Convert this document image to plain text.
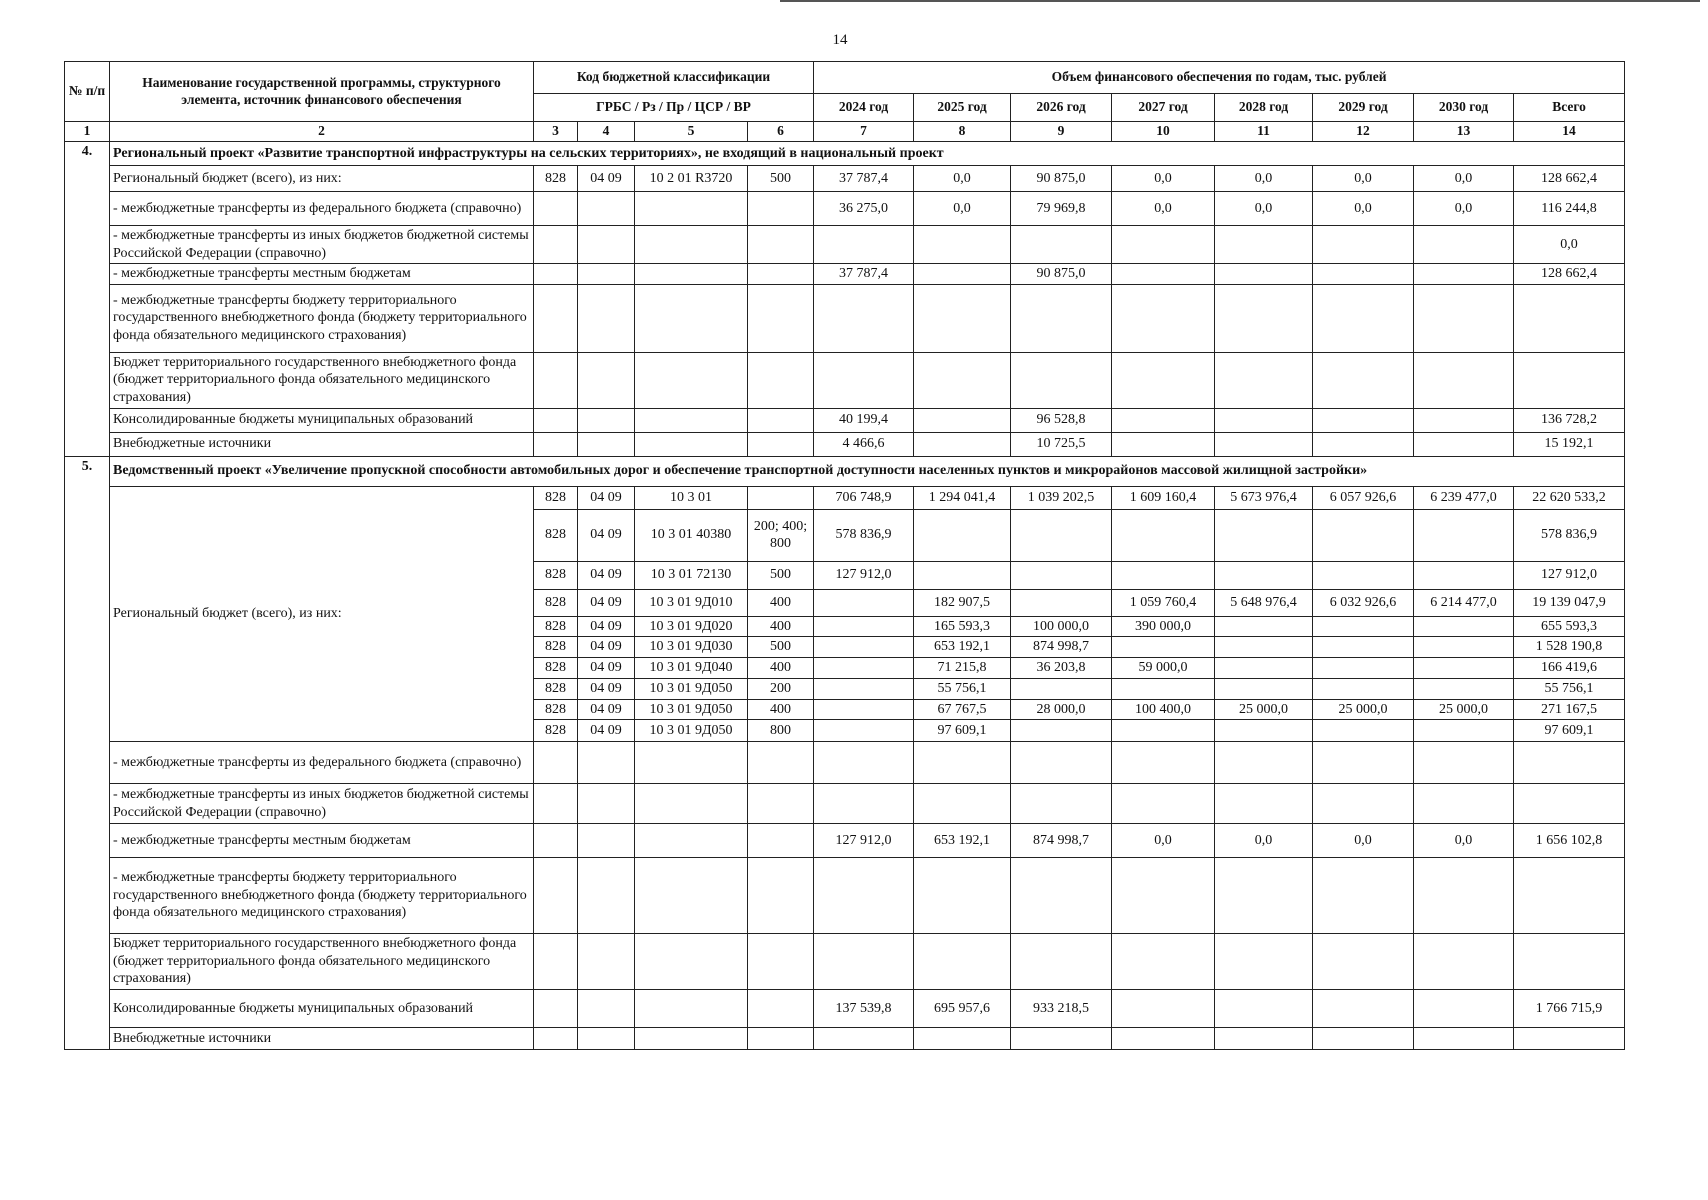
14
№ п/п	Наименование государственной программы, структурного элемента, источник финансового обеспечения	Код бюджетной классификации				Объем финансового обеспечения по годам, тыс. рублей							
		ГРБС / Рз / Пр / ЦСР / ВР				2024 год	2025 год	2026 год	2027 год	2028 год	2029 год	2030 год	Всего
1	2	3	4	5	6	7	8	9	10	11	12	13	14
4.	Региональный проект «Развитие транспортной инфраструктуры на сельских территориях», не входящий в национальный проект												
	Региональный бюджет (всего), из них:	828	04 09	10 2 01 R3720	500	37 787,4	0,0	90 875,0	0,0	0,0	0,0	0,0	128 662,4
	- межбюджетные трансферты из федерального бюджета (справочно)					36 275,0	0,0	79 969,8	0,0	0,0	0,0	0,0	116 244,8
	- межбюджетные трансферты из иных бюджетов бюджетной системы Российской Федерации (справочно)												0,0
	- межбюджетные трансферты местным бюджетам					37 787,4		90 875,0					128 662,4
	- межбюджетные трансферты бюджету территориального государственного внебюджетного фонда (бюджету территориального фонда обязательного медицинского страхования)												
	Бюджет территориального государственного внебюджетного фонда (бюджет территориального фонда обязательного медицинского страхования)												
	Консолидированные бюджеты муниципальных образований					40 199,4		96 528,8					136 728,2
	Внебюджетные источники					4 466,6		10 725,5					15 192,1
5.	Ведомственный проект «Увеличение пропускной способности автомобильных дорог и обеспечение транспортной доступности населенных пунктов и микрорайонов массовой жилищной застройки»												
	Региональный бюджет (всего), из них:	828	04 09	10 3 01		706 748,9	1 294 041,4	1 039 202,5	1 609 160,4	5 673 976,4	6 057 926,6	6 239 477,0	22 620 533,2
		828	04 09	10 3 01 40380	200; 400; 800	578 836,9							578 836,9
		828	04 09	10 3 01 72130	500	127 912,0							127 912,0
		828	04 09	10 3 01 9Д010	400		182 907,5		1 059 760,4	5 648 976,4	6 032 926,6	6 214 477,0	19 139 047,9
		828	04 09	10 3 01 9Д020	400		165 593,3	100 000,0	390 000,0				655 593,3
		828	04 09	10 3 01 9Д030	500		653 192,1	874 998,7					1 528 190,8
		828	04 09	10 3 01 9Д040	400		71 215,8	36 203,8	59 000,0				166 419,6
		828	04 09	10 3 01 9Д050	200		55 756,1						55 756,1
		828	04 09	10 3 01 9Д050	400		67 767,5	28 000,0	100 400,0	25 000,0	25 000,0	25 000,0	271 167,5
		828	04 09	10 3 01 9Д050	800		97 609,1						97 609,1
	- межбюджетные трансферты из федерального бюджета (справочно)												
	- межбюджетные трансферты из иных бюджетов бюджетной системы Российской Федерации (справочно)												
	- межбюджетные трансферты местным бюджетам					127 912,0	653 192,1	874 998,7	0,0	0,0	0,0	0,0	1 656 102,8
	- межбюджетные трансферты бюджету территориального государственного внебюджетного фонда (бюджету территориального фонда обязательного медицинского страхования)												
	Бюджет территориального государственного внебюджетного фонда (бюджет территориального фонда обязательного медицинского страхования)												
	Консолидированные бюджеты муниципальных образований					137 539,8	695 957,6	933 218,5					1 766 715,9
	Внебюджетные источники												
